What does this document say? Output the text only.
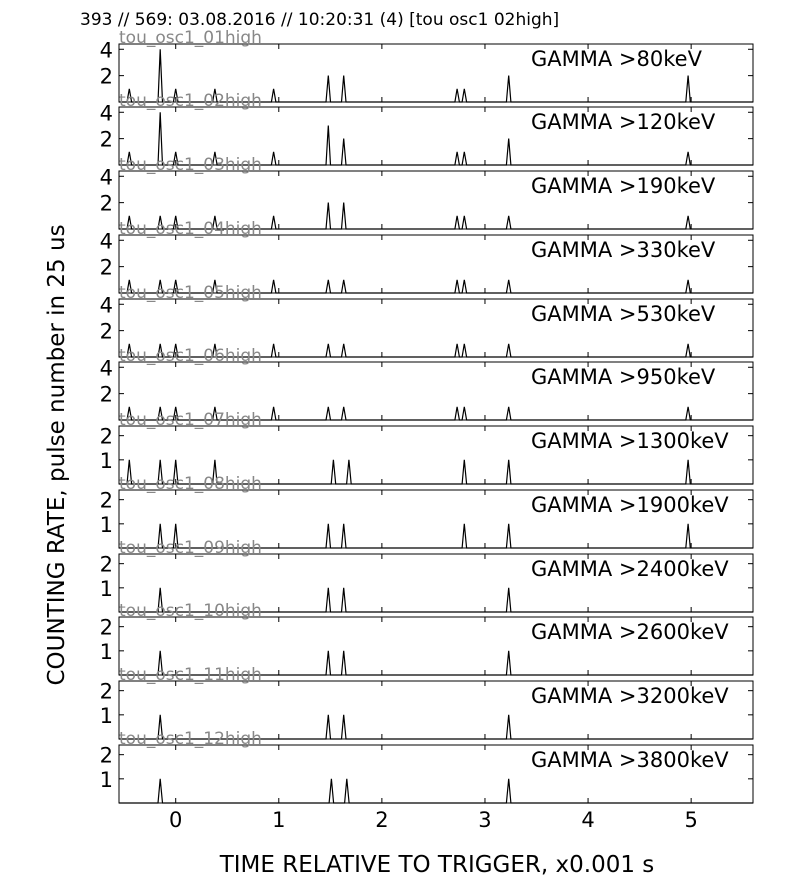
393 // 569: 03.08.2016 // 10:20:31 (4) [tou osc1 02high]
2
4	GAMMA >80keV
tou_osc1_01high
2
4	GAMMA >120keV
tou_osc1_02high
2
4	GAMMA >190keV
tou_osc1_03high
2
4	GAMMA >330keV
tou_osc1_04high
2
4	GAMMA >530keV
tou_osc1_05high
2
4	GAMMA >950keV
tou_osc1_06high
1
2	GAMMA >1300keV
tou_osc1_07high
1
2	GAMMA >1900keV
tou_osc1_08high
1
2	GAMMA >2400keV
tou_osc1_09high
1
2	GAMMA >2600keV
tou_osc1_10high
1
2	GAMMA >3200keV
tou_osc1_11high
1
2	GAMMA >3800keV
tou_osc1_12high
0	1	2	3	4	5
TIME RELATIVE TO TRIGGER, x0.001 s
COUNTING RATE, pulse number in 25 us
